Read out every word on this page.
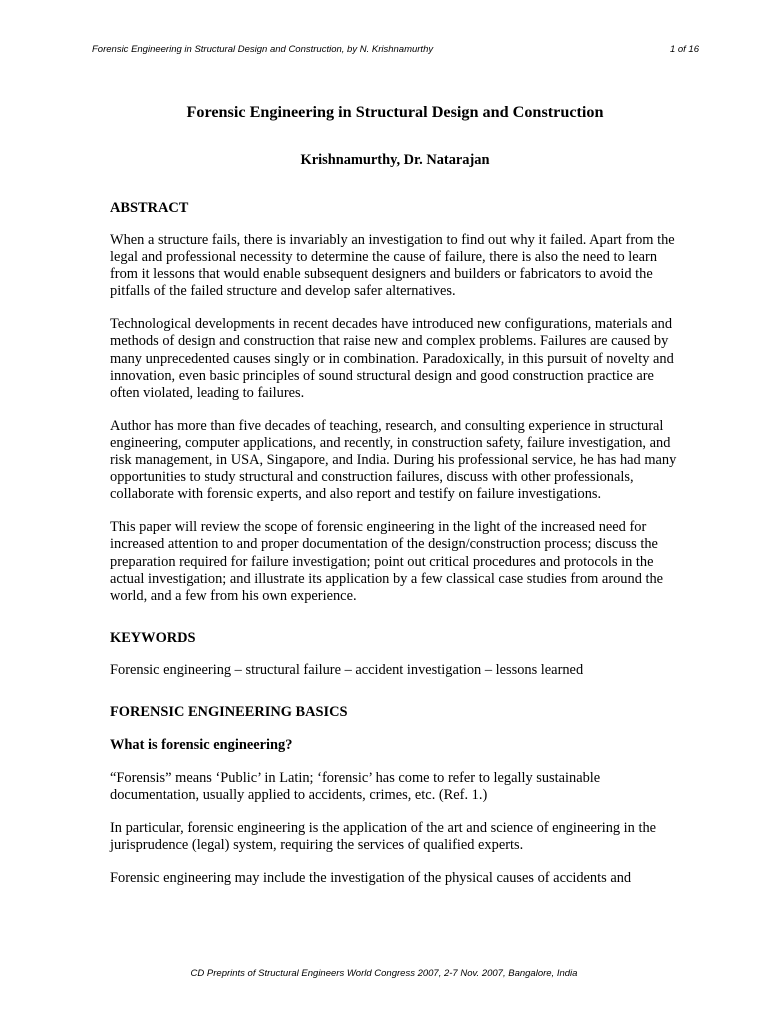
Forensic Engineering in Structural Design and Construction, by N. Krishnamurthy	1 of 16
Forensic Engineering in Structural Design and Construction
Krishnamurthy, Dr. Natarajan
ABSTRACT

When a structure fails, there is invariably an investigation to find out why it failed. Apart from the legal and professional necessity to determine the cause of failure, there is also the need to learn from it lessons that would enable subsequent designers and builders or fabricators to avoid the pitfalls of the failed structure and develop safer alternatives.

Technological developments in recent decades have introduced new configurations, materials and methods of design and construction that raise new and complex problems. Failures are caused by many unprecedented causes singly or in combination. Paradoxically, in this pursuit of novelty and innovation, even basic principles of sound structural design and good construction practice are often violated, leading to failures.

Author has more than five decades of teaching, research, and consulting experience in structural engineering, computer applications, and recently, in construction safety, failure investigation, and risk management, in USA, Singapore, and India. During his professional service, he has had many opportunities to study structural and construction failures, discuss with other professionals, collaborate with forensic experts, and also report and testify on failure investigations.

This paper will review the scope of forensic engineering in the light of the increased need for increased attention to and proper documentation of the design/construction process; discuss the preparation required for failure investigation; point out critical procedures and protocols in the actual investigation; and illustrate its application by a few classical case studies from around the world, and a few from his own experience.

KEYWORDS

Forensic engineering – structural failure – accident investigation – lessons learned

FORENSIC ENGINEERING BASICS
What is forensic engineering?

“Forensis” means ‘Public’ in Latin; ‘forensic’ has come to refer to legally sustainable documentation, usually applied to accidents, crimes, etc. (Ref. 1.)

In particular, forensic engineering is the application of the art and science of engineering in the jurisprudence (legal) system, requiring the services of qualified experts.

Forensic engineering may include the investigation of the physical causes of accidents and

CD Preprints of Structural Engineers World Congress 2007, 2-7 Nov. 2007, Bangalore, India
